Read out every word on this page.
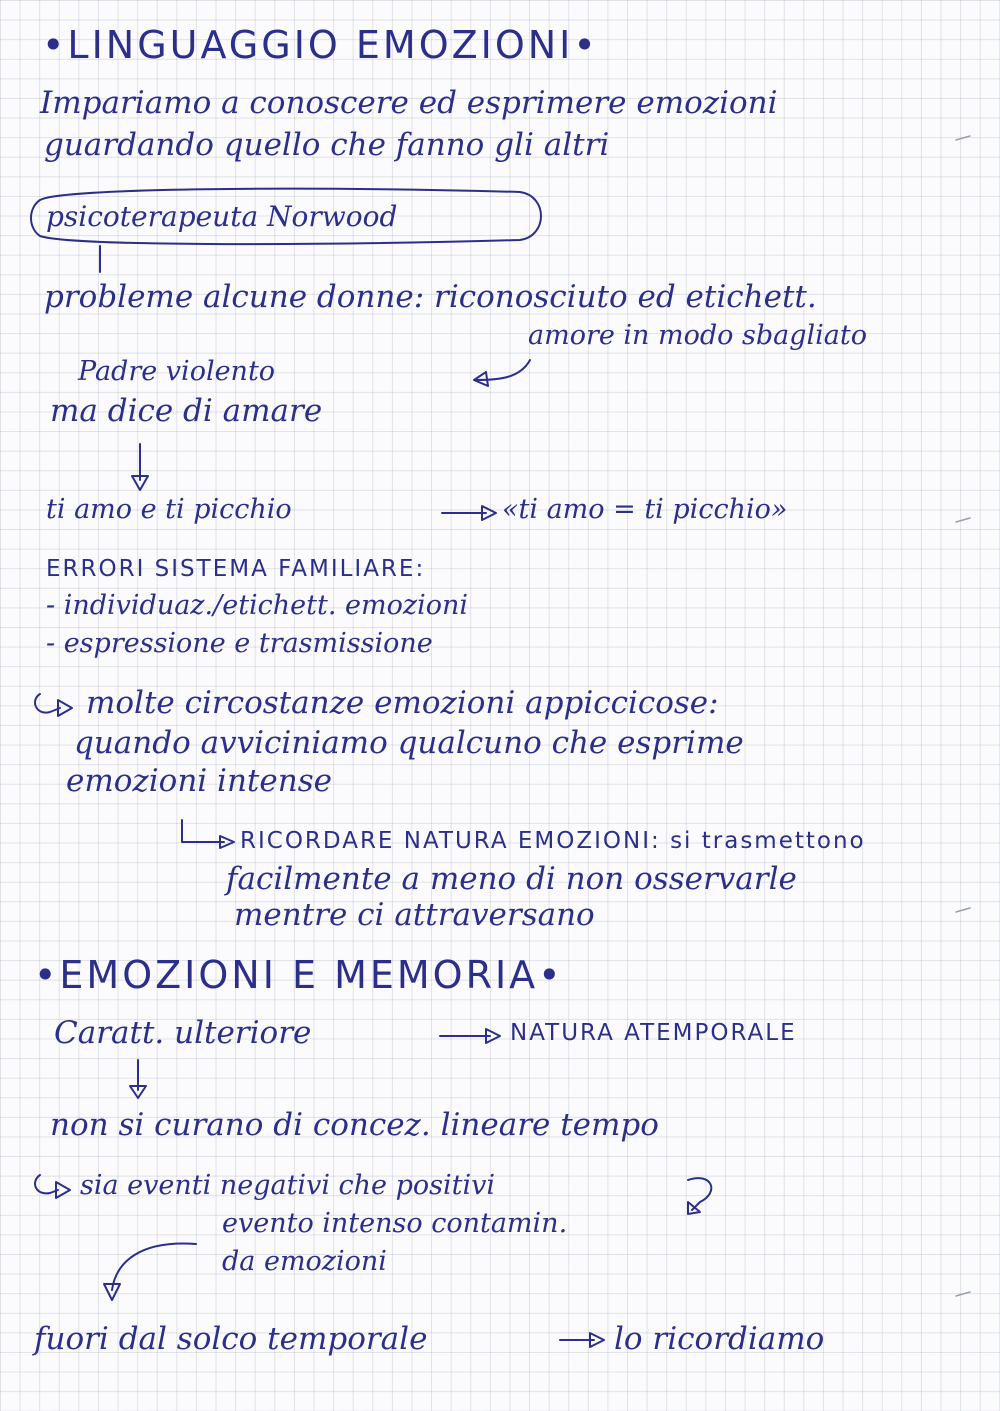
•LINGUAGGIO EMOZIONI•
Impariamo a conoscere ed esprimere emozioni
guardando quello che fanno gli altri
psicoterapeuta Norwood
probleme alcune donne: riconosciuto ed etichett.
amore in modo sbagliato
Padre violento
ma dice di amare
ti amo e ti picchio	«ti amo = ti picchio»
ERRORI SISTEMA FAMILIARE:
- individuaz./etichett. emozioni
- espressione e trasmissione
molte circostanze emozioni appiccicose:
quando avviciniamo qualcuno che esprime
emozioni intense
RICORDARE NATURA EMOZIONI: si trasmettono
facilmente a meno di non osservarle
mentre ci attraversano
•EMOZIONI E MEMORIA•
Caratt. ulteriore	NATURA ATEMPORALE
non si curano di concez. lineare tempo
sia eventi negativi che positivi
evento intenso contamin.
da emozioni
fuori dal solco temporale	lo ricordiamo
